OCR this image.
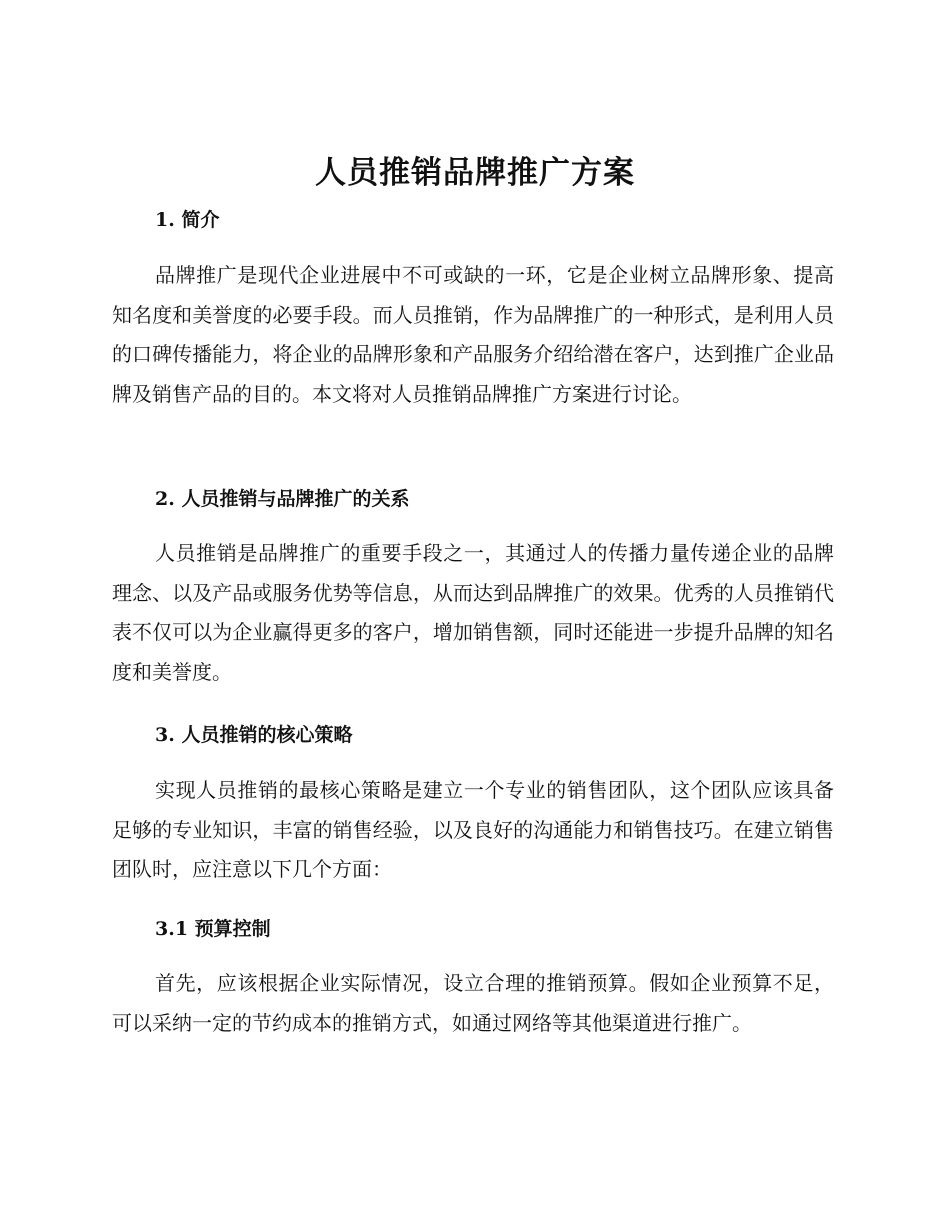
人员推销品牌推广方案
1. 简介

品牌推广是现代企业进展中不可或缺的一环，它是企业树立品牌形象、提高知名度和美誉度的必要手段。而人员推销，作为品牌推广的一种形式，是利用人员的口碑传播能力，将企业的品牌形象和产品服务介绍给潜在客户，达到推广企业品牌及销售产品的目的。本文将对人员推销品牌推广方案进行讨论。

2. 人员推销与品牌推广的关系

人员推销是品牌推广的重要手段之一，其通过人的传播力量传递企业的品牌理念、以及产品或服务优势等信息，从而达到品牌推广的效果。优秀的人员推销代表不仅可以为企业赢得更多的客户，增加销售额，同时还能进一步提升品牌的知名度和美誉度。

3. 人员推销的核心策略

实现人员推销的最核心策略是建立一个专业的销售团队，这个团队应该具备足够的专业知识，丰富的销售经验，以及良好的沟通能力和销售技巧。在建立销售团队时，应注意以下几个方面：

3.1 预算控制

首先，应该根据企业实际情况，设立合理的推销预算。假如企业预算不足，可以采纳一定的节约成本的推销方式，如通过网络等其他渠道进行推广。
